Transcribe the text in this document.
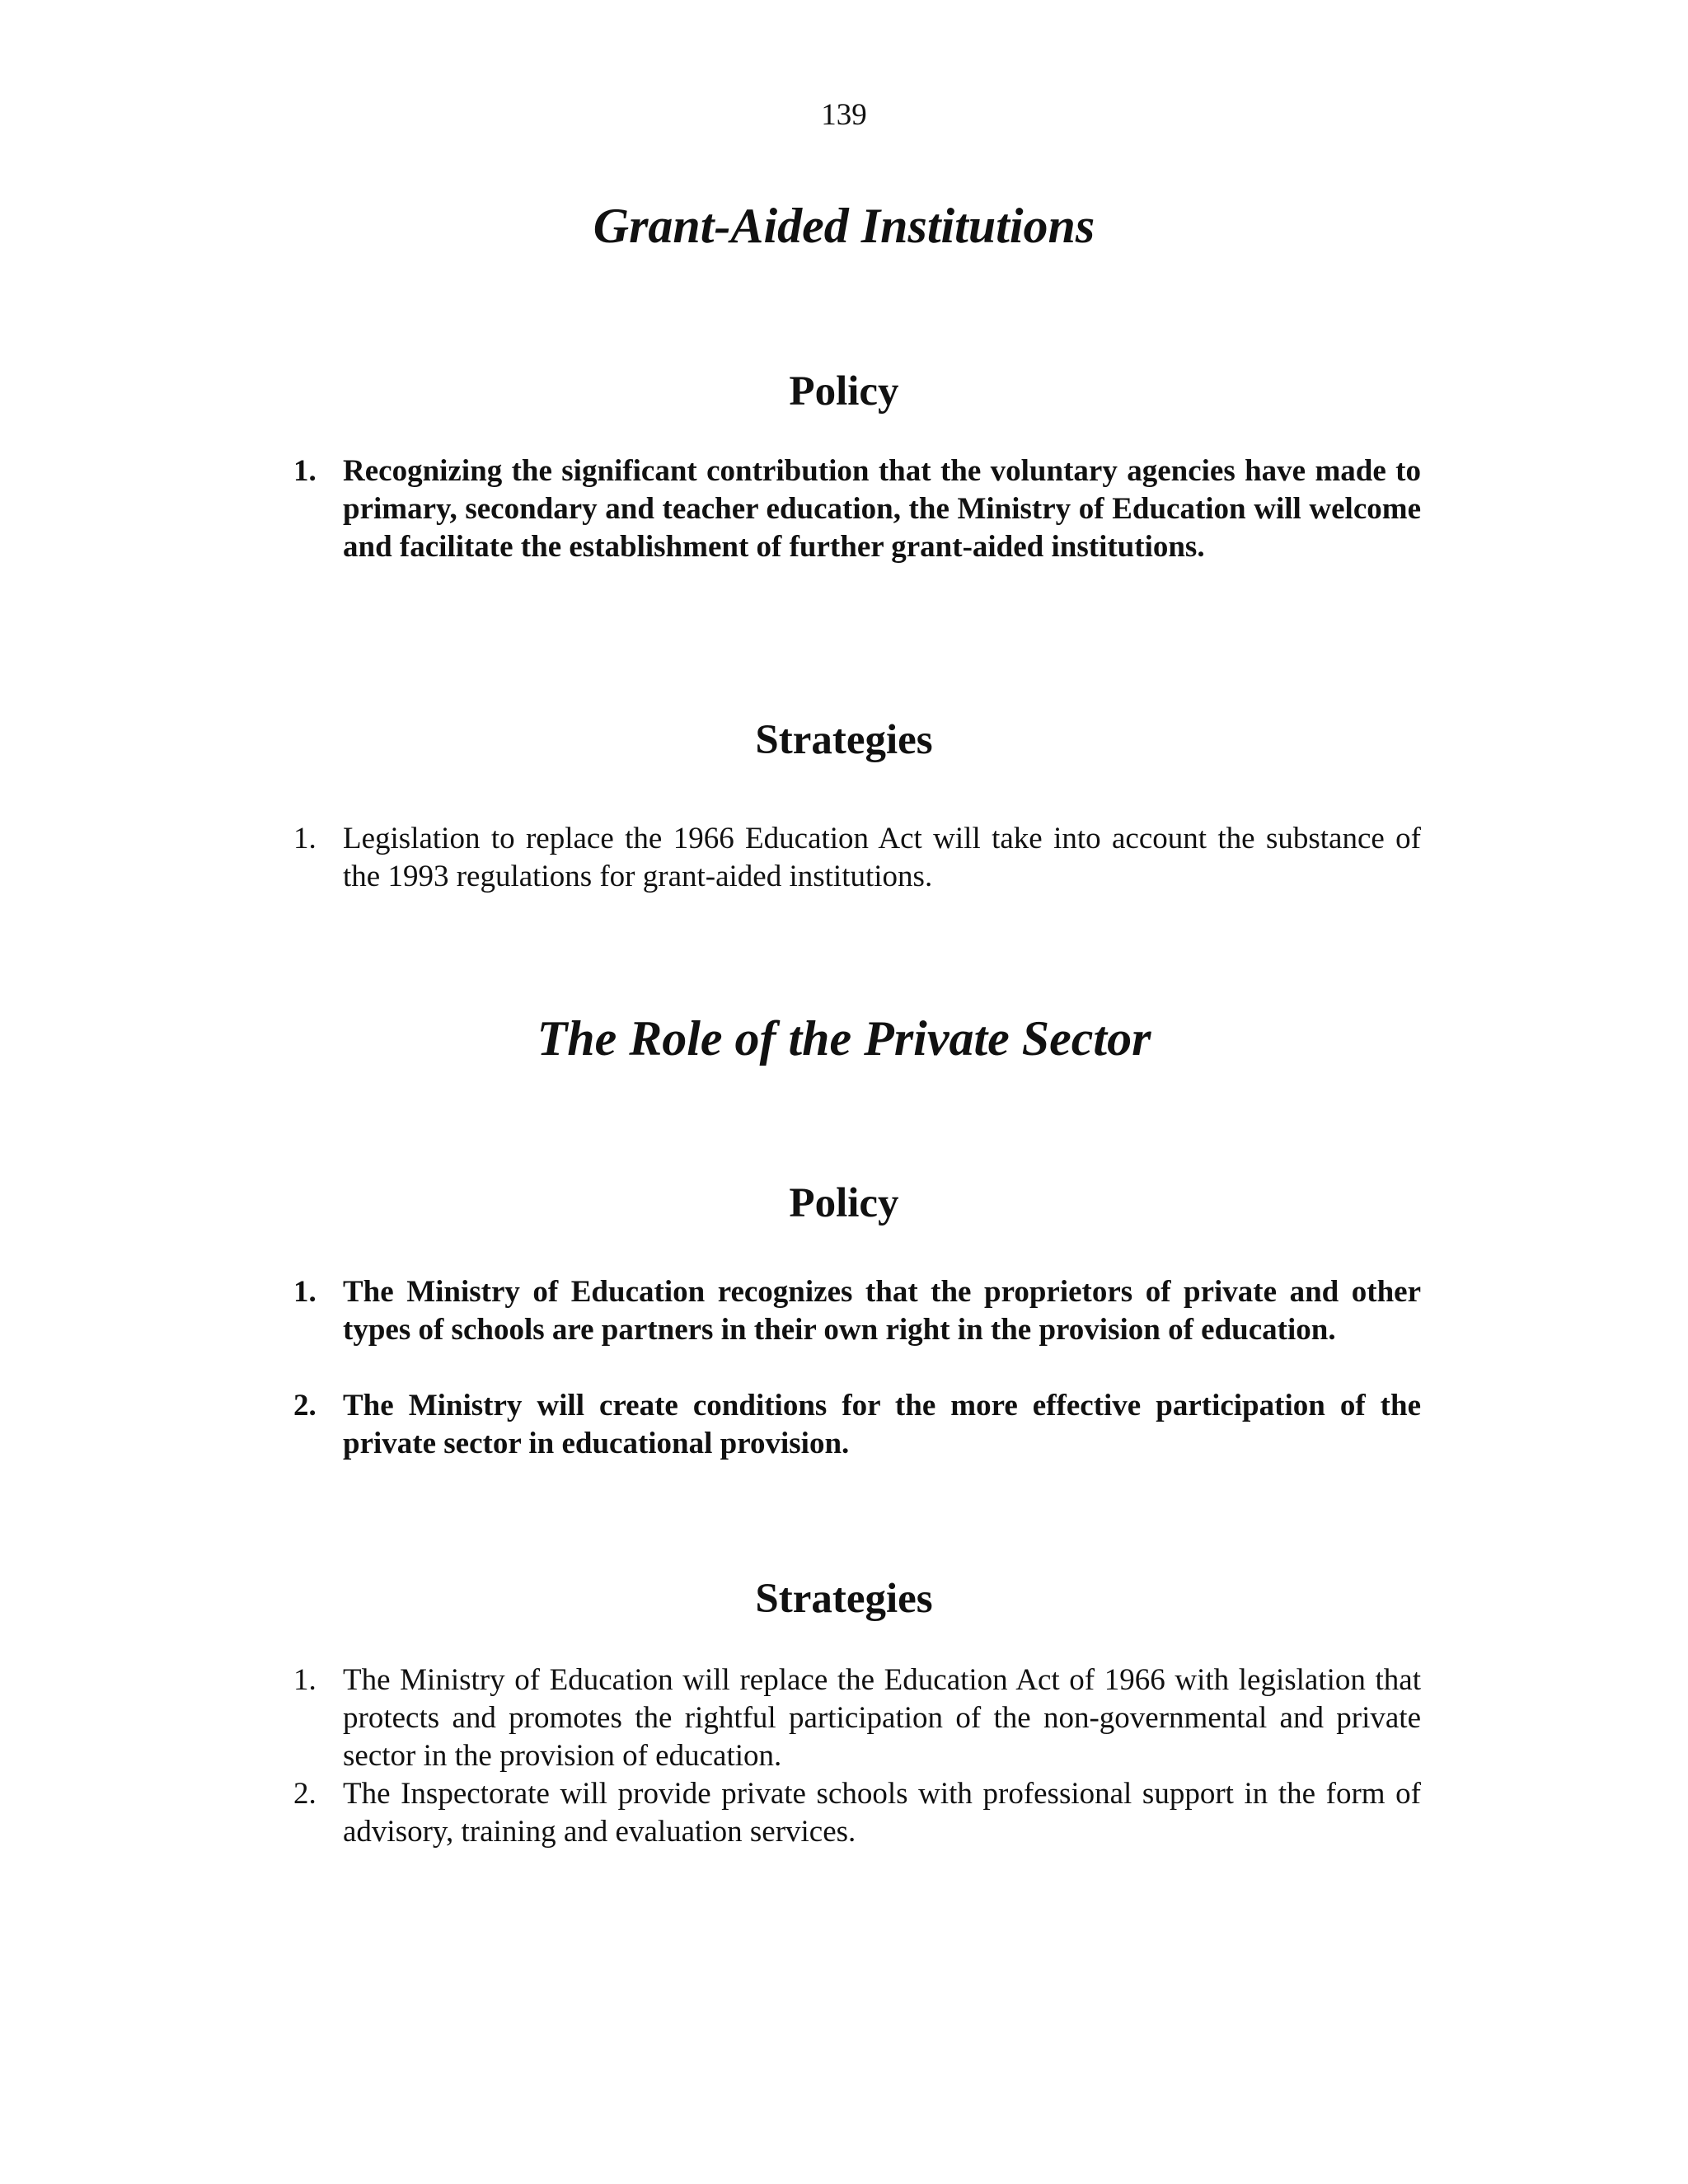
139
Grant-Aided Institutions
Policy
1. Recognizing the significant contribution that the voluntary agencies have made to primary, secondary and teacher education, the Ministry of Education will welcome and facilitate the establishment of further grant-aided institutions.
Strategies
1. Legislation to replace the 1966 Education Act will take into account the substance of the 1993 regulations for grant-aided institutions.
The Role of the Private Sector
Policy
1. The Ministry of Education recognizes that the proprietors of private and other types of schools are partners in their own right in the provision of education.
2. The Ministry will create conditions for the more effective participation of the private sector in educational provision.
Strategies
1. The Ministry of Education will replace the Education Act of 1966 with legislation that protects and promotes the rightful participation of the non-governmental and private sector in the provision of education.
2. The Inspectorate will provide private schools with professional support in the form of advisory, training and evaluation services.
